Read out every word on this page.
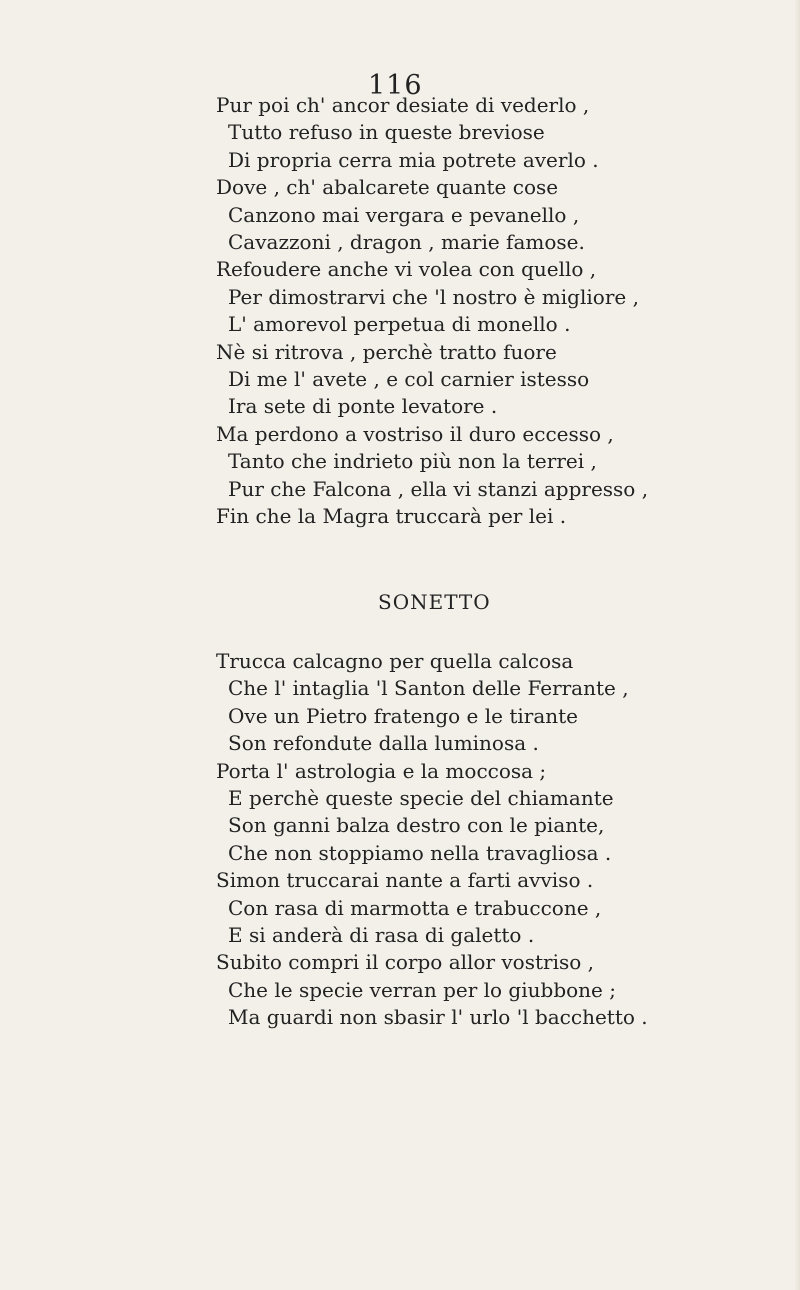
116
Pur poi ch' ancor desiate di vederlo ,
Tutto refuso in queste breviose
Di propria cerra mia potrete averlo .
Dove , ch' abalcarete quante cose
Canzono mai vergara e pevanello ,
Cavazzoni , dragon , marie famose.
Refoudere anche vi volea con quello ,
Per dimostrarvi che 'l nostro è migliore ,
L' amorevol perpetua di monello .
Nè si ritrova , perchè tratto fuore
Di me l' avete , e col carnier istesso
Ira sete di ponte levatore .
Ma perdono a vostriso il duro eccesso ,
Tanto che indrieto più non la terrei ,
Pur che Falcona , ella vi stanzi appresso ,
Fin che la Magra truccarà per lei .
SONETTO
Trucca calcagno per quella calcosa
Che l' intaglia 'l Santon delle Ferrante ,
Ove un Pietro fratengo e le tirante
Son refondute dalla luminosa .
Porta l' astrologia e la moccosa ;
E perchè queste specie del chiamante
Son ganni balza destro con le piante,
Che non stoppiamo nella travagliosa .
Simon truccarai nante a farti avviso .
Con rasa di marmotta e trabuccone ,
E si anderà di rasa di galetto .
Subito compri il corpo allor vostriso ,
Che le specie verran per lo giubbone ;
Ma guardi non sbasir l' urlo 'l bacchetto .
